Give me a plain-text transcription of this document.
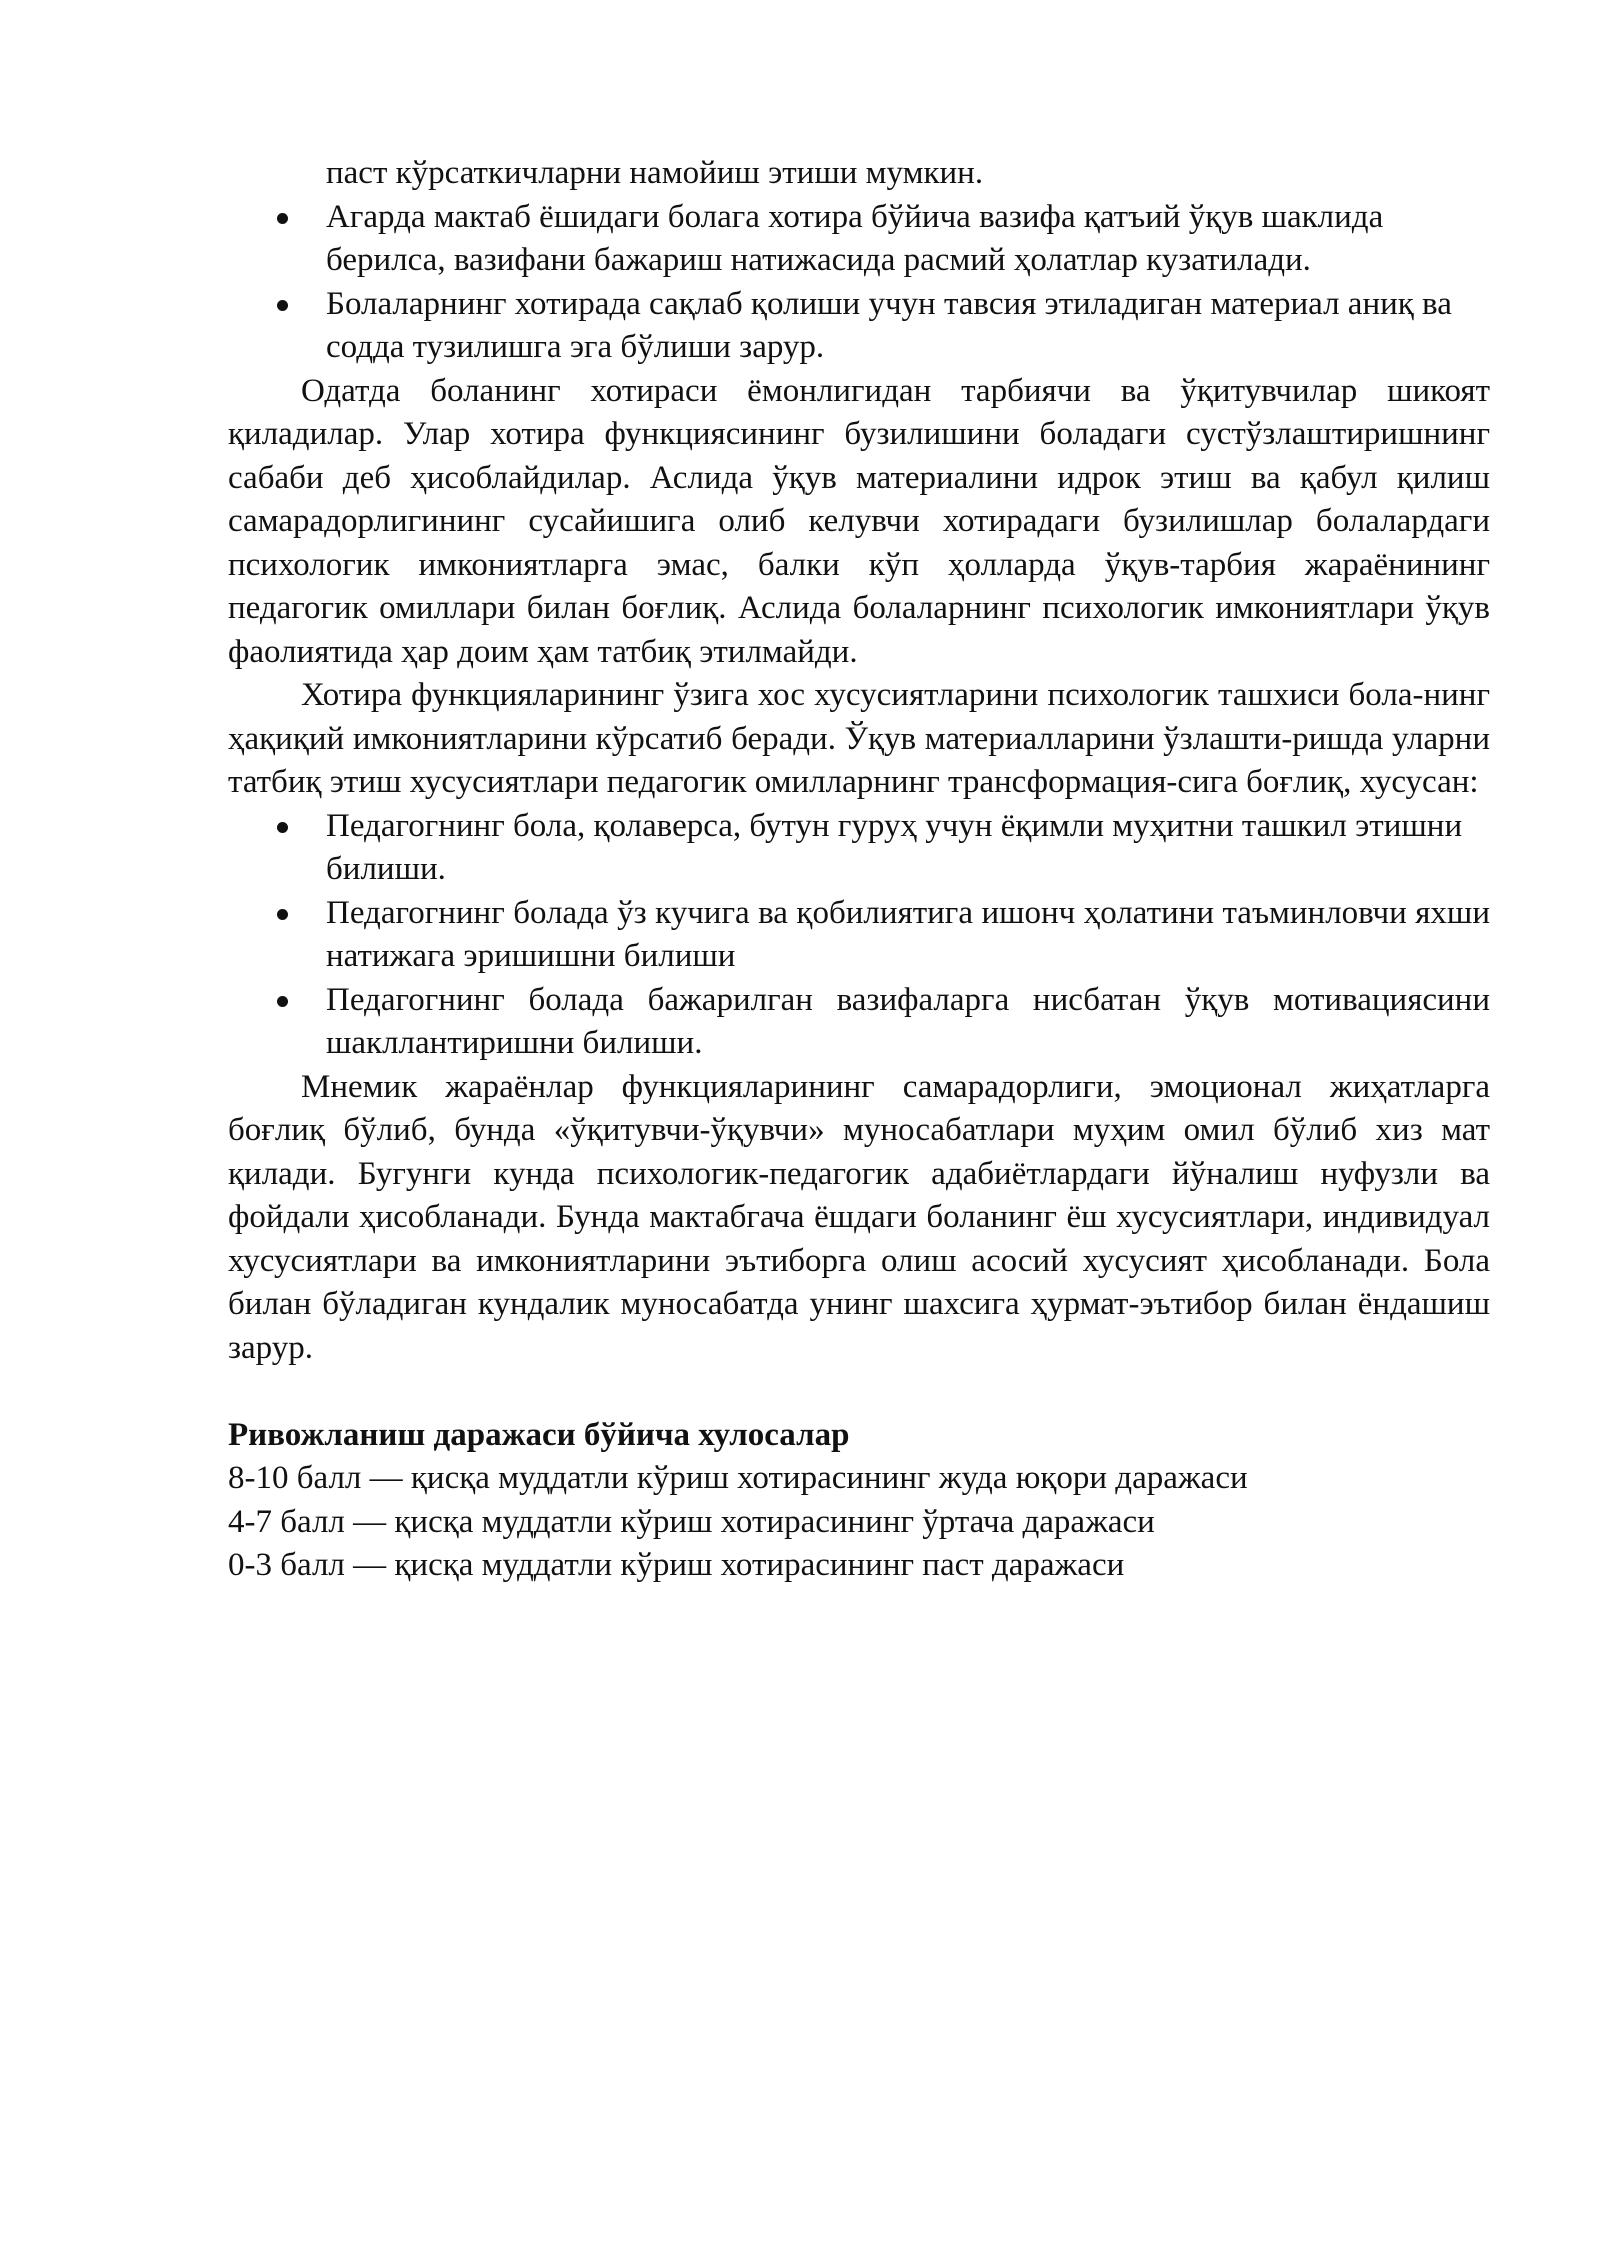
паст кўрсаткичларни намойиш этиши мумкин.

Агарда мактаб ёшидаги болага хотира бўйича вазифа қатъий ўқув шаклида берилса, вазифани бажариш натижасида расмий ҳолатлар кузатилади.
Болаларнинг хотирада сақлаб қолиши учун тавсия этиладиган материал аниқ ва содда тузилишга эга бўлиши зарур.

Одатда боланинг хотираси ёмонлигидан тарбиячи ва ўқитувчилар шикоят қиладилар. Улар хотира функциясининг бузилишини боладаги сустўзлаштиришнинг сабаби деб ҳисоблайдилар. Аслида ўқув материалини идрок этиш ва қабул қилиш самарадорлигининг сусайишига олиб келувчи хотирадаги бузилишлар болалардаги психологик имкониятларга эмас, балки кўп ҳолларда ўқув-тарбия жараёнининг педагогик омиллари билан боғлиқ. Аслида болаларнинг психологик имкониятлари ўқув фаолиятида ҳар доим ҳам татбиқ этилмайди.

Хотира функцияларининг ўзига хос хусусиятларини психологик ташхиси бола-нинг ҳақиқий имкониятларини кўрсатиб беради. Ўқув материалларини ўзлашти-ришда уларни татбиқ этиш хусусиятлари педагогик омилларнинг трансформация-сига боғлиқ, хусусан:

Педагогнинг бола, қолаверса, бутун гуруҳ учун ёқимли муҳитни ташкил этишни билиши.
Педагогнинг болада ўз кучига ва қобилиятига ишонч ҳолатини таъминловчи яхши натижага эришишни билиши
Педагогнинг болада бажарилган вазифаларга нисбатан ўқув мотивациясини шакллантиришни билиши.

Мнемик жараёнлар функцияларининг самарадорлиги, эмоционал жиҳатларга боғлиқ бўлиб, бунда «ўқитувчи-ўқувчи» муносабатлари муҳим омил бўлиб хиз мат қилади. Бугунги кунда психологик-педагогик адабиётлардаги йўналиш нуфузли ва фойдали ҳисобланади. Бунда мактабгача ёшдаги боланинг ёш хусусиятлари, индивидуал хусусиятлари ва имкониятларини эътиборга олиш асосий хусусият ҳисобланади. Бола билан бўладиган кундалик муносабатда унинг шахсига ҳурмат-эътибор билан ёндашиш зарур.

Ривожланиш даражаси бўйича хулосалар

8-10 балл — қисқа муддатли кўриш хотирасининг жуда юқори даражаси

4-7 балл — қисқа муддатли кўриш хотирасининг ўртача даражаси

0-3 балл — қисқа муддатли кўриш хотирасининг паст даражаси
